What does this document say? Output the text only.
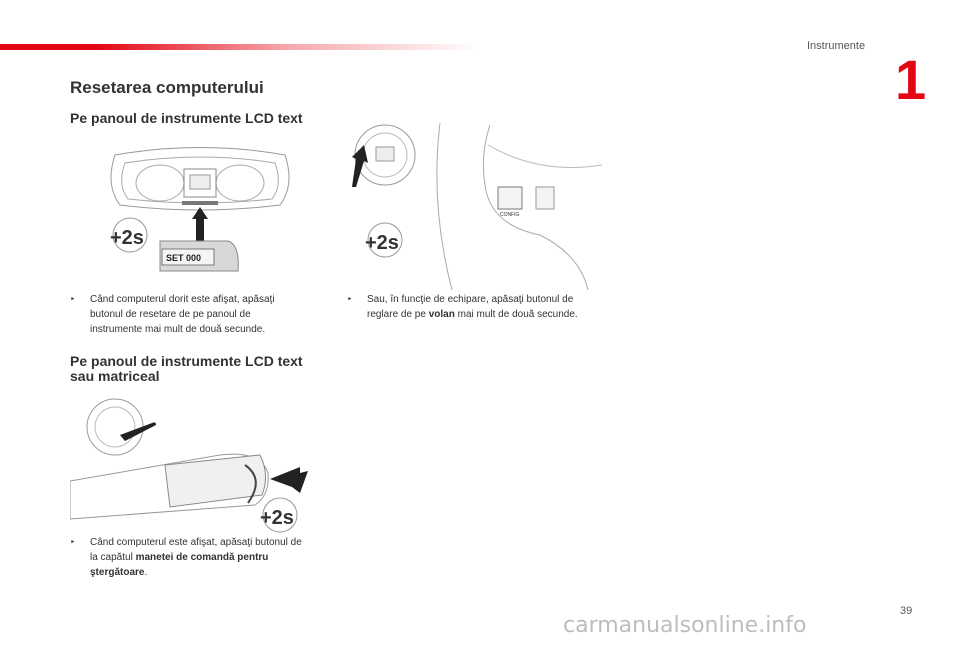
Instrumente
1
Resetarea computerului
Pe panoul de instrumente LCD text
Pe panoul de instrumente LCD text sau matriceal
SET 000
+2s
CONFIG
+2s
+2s
‣	Când computerul dorit este afişat, apăsaţi butonul de resetare de pe panoul de instrumente mai mult de două secunde.
‣	Sau, în funcţie de echipare, apăsaţi butonul de reglare de pe volan mai mult de două secunde.
‣	Când computerul este afişat, apăsaţi butonul de la capătul manetei de comandă pentru ştergătoare.
39
carmanualsonline.info
